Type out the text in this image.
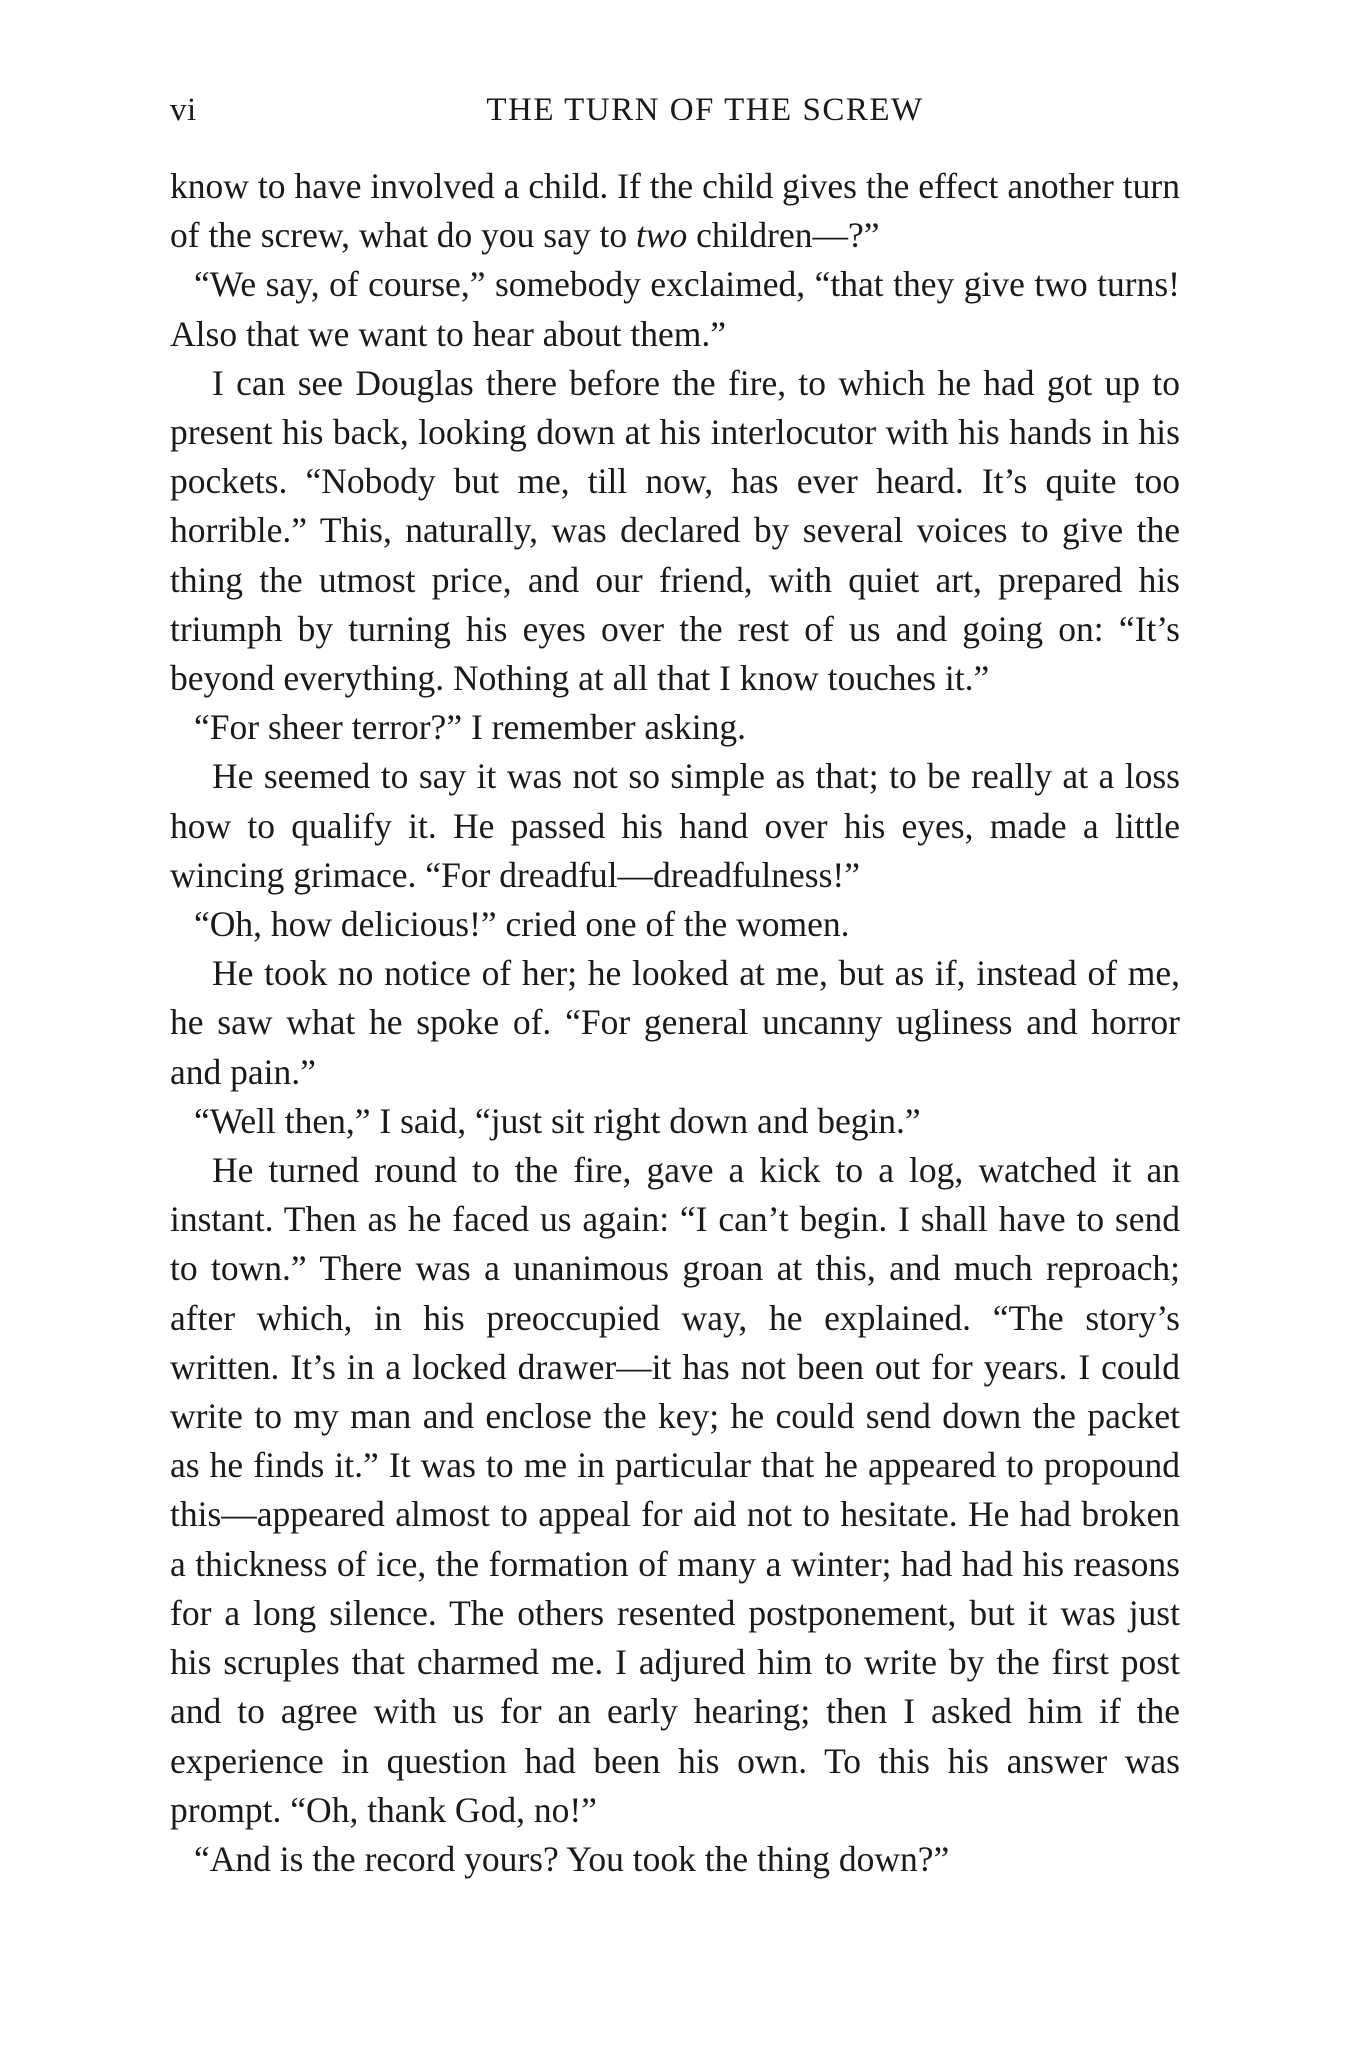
vi	THE TURN OF THE SCREW

know to have involved a child. If the child gives the effect another turn of the screw, what do you say to two children—?”

“We say, of course,” somebody exclaimed, “that they give two turns! Also that we want to hear about them.”

I can see Douglas there before the fire, to which he had got up to present his back, looking down at his interlocutor with his hands in his pockets. “Nobody but me, till now, has ever heard. It’s quite too horrible.” This, naturally, was declared by several voices to give the thing the utmost price, and our friend, with quiet art, prepared his triumph by turning his eyes over the rest of us and going on: “It’s beyond everything. Nothing at all that I know touches it.”

“For sheer terror?” I remember asking.

He seemed to say it was not so simple as that; to be really at a loss how to qualify it. He passed his hand over his eyes, made a little wincing grimace. “For dreadful—dreadfulness!”

“Oh, how delicious!” cried one of the women.

He took no notice of her; he looked at me, but as if, instead of me, he saw what he spoke of. “For general uncanny ugliness and horror and pain.”

“Well then,” I said, “just sit right down and begin.”

He turned round to the fire, gave a kick to a log, watched it an instant. Then as he faced us again: “I can’t begin. I shall have to send to town.” There was a unanimous groan at this, and much reproach; after which, in his preoccupied way, he explained. “The story’s written. It’s in a locked drawer—it has not been out for years. I could write to my man and enclose the key; he could send down the packet as he finds it.” It was to me in particular that he appeared to propound this—appeared almost to appeal for aid not to hesitate. He had broken a thickness of ice, the formation of many a winter; had had his reasons for a long silence. The others resented postponement, but it was just his scruples that charmed me. I adjured him to write by the first post and to agree with us for an early hearing; then I asked him if the experience in question had been his own. To this his answer was prompt. “Oh, thank God, no!”

“And is the record yours? You took the thing down?”
